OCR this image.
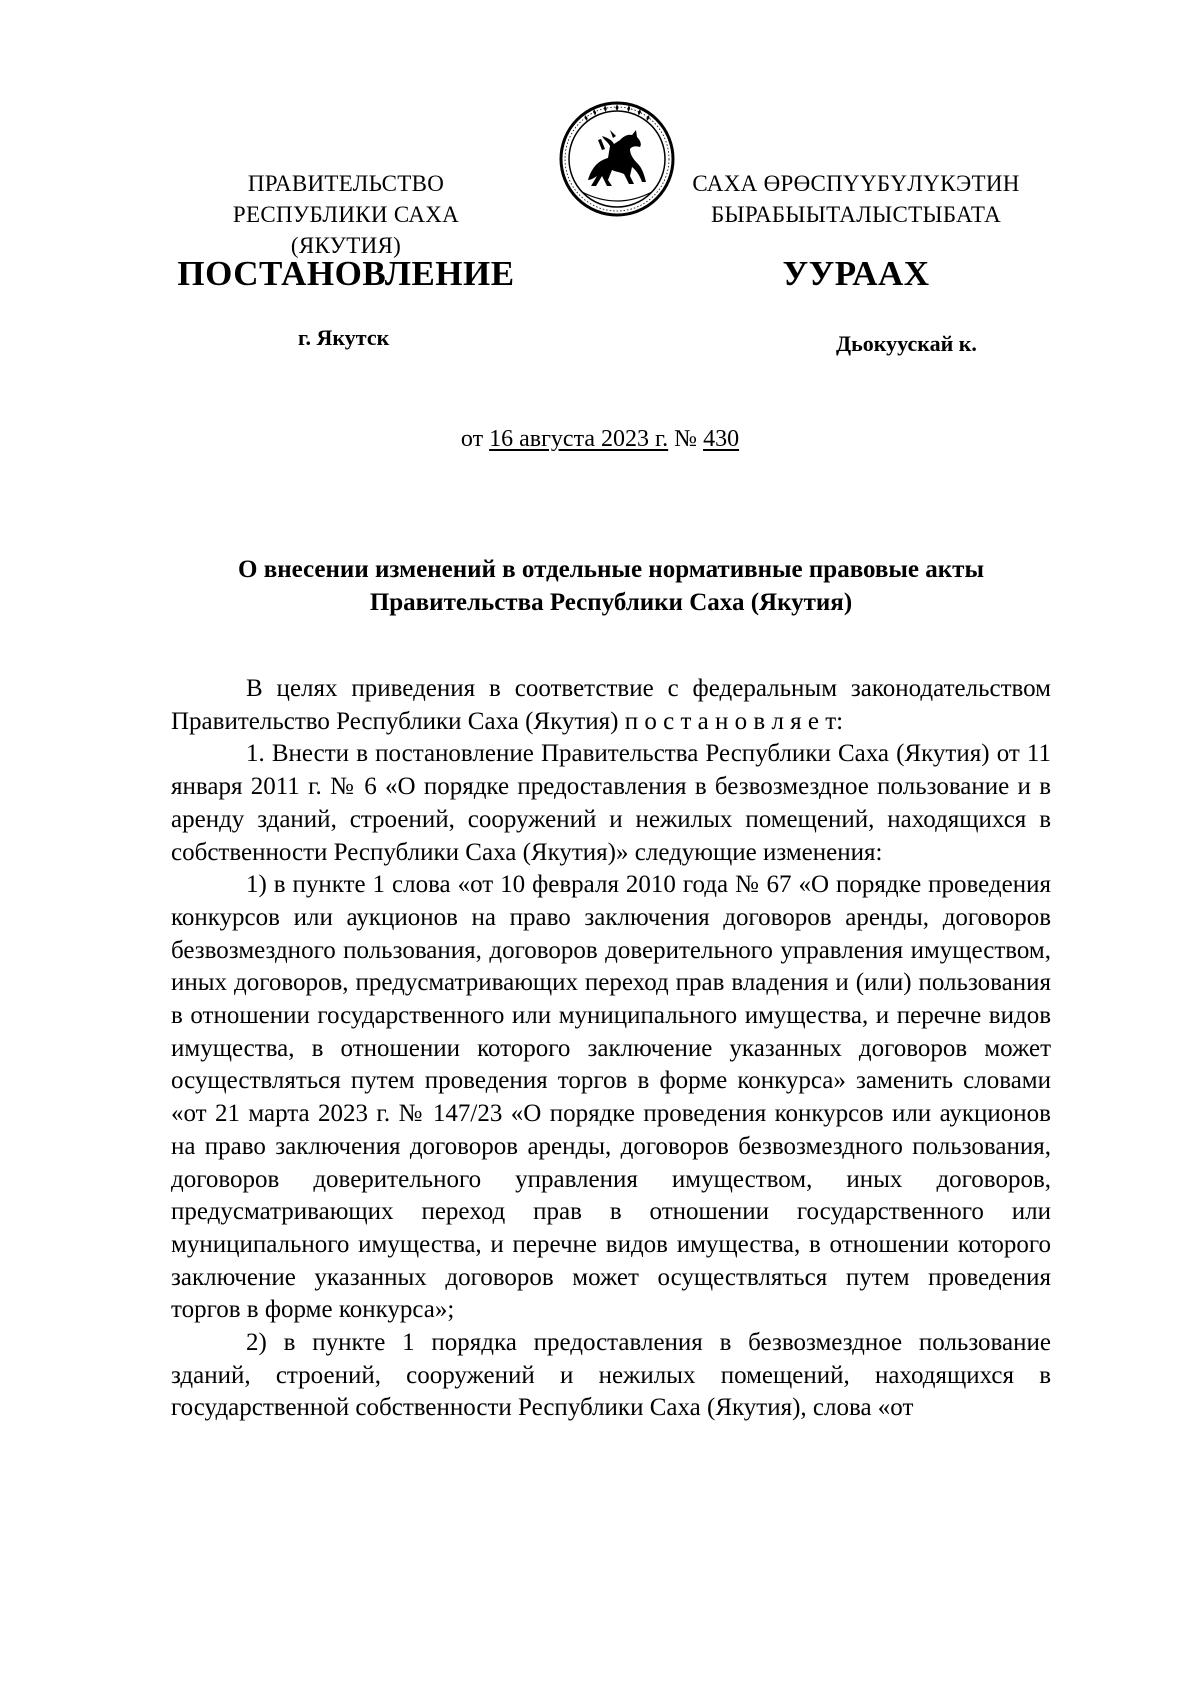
ПРАВИТЕЛЬСТВО
РЕСПУБЛИКИ САХА (ЯКУТИЯ)
САХА ӨРӨСПҮҮБҮЛҮКЭТИН
БЫРАБЫЫТАЛЫСТЫБАТА
ПОСТАНОВЛЕНИЕ	УУРААХ
г. Якутск	Дьокуускай к.
от 16 августа 2023 г. № 430
О внесении изменений в отдельные нормативные правовые акты
Правительства Республики Саха (Якутия)

В целях приведения в соответствие с федеральным законодательством Правительство Республики Саха (Якутия) п о с т а н о в л я е т:

1. Внести в постановление Правительства Республики Саха (Якутия) от 11 января 2011 г. № 6 «О порядке предоставления в безвозмездное пользование и в аренду зданий, строений, сооружений и нежилых помещений, находящихся в собственности Республики Саха (Якутия)» следующие изменения:

1) в пункте 1 слова «от 10 февраля 2010 года № 67 «О порядке проведения конкурсов или аукционов на право заключения договоров аренды, договоров безвозмездного пользования, договоров доверительного управления имуществом, иных договоров, предусматривающих переход прав владения и (или) пользования в отношении государственного или муниципального имущества, и перечне видов имущества, в отношении которого заключение указанных договоров может осуществляться путем проведения торгов в форме конкурса» заменить словами «от 21 марта 2023 г. № 147/23 «О порядке проведения конкурсов или аукционов на право заключения договоров аренды, договоров безвозмездного пользования, договоров доверительного управления имуществом, иных договоров, предусматривающих переход прав в отношении государственного или муниципального имущества, и перечне видов имущества, в отношении которого заключение указанных договоров может осуществляться путем проведения торгов в форме конкурса»;

2) в пункте 1 порядка предоставления в безвозмездное пользование зданий, строений, сооружений и нежилых помещений, находящихся в государственной собственности Республики Саха (Якутия), слова «от
